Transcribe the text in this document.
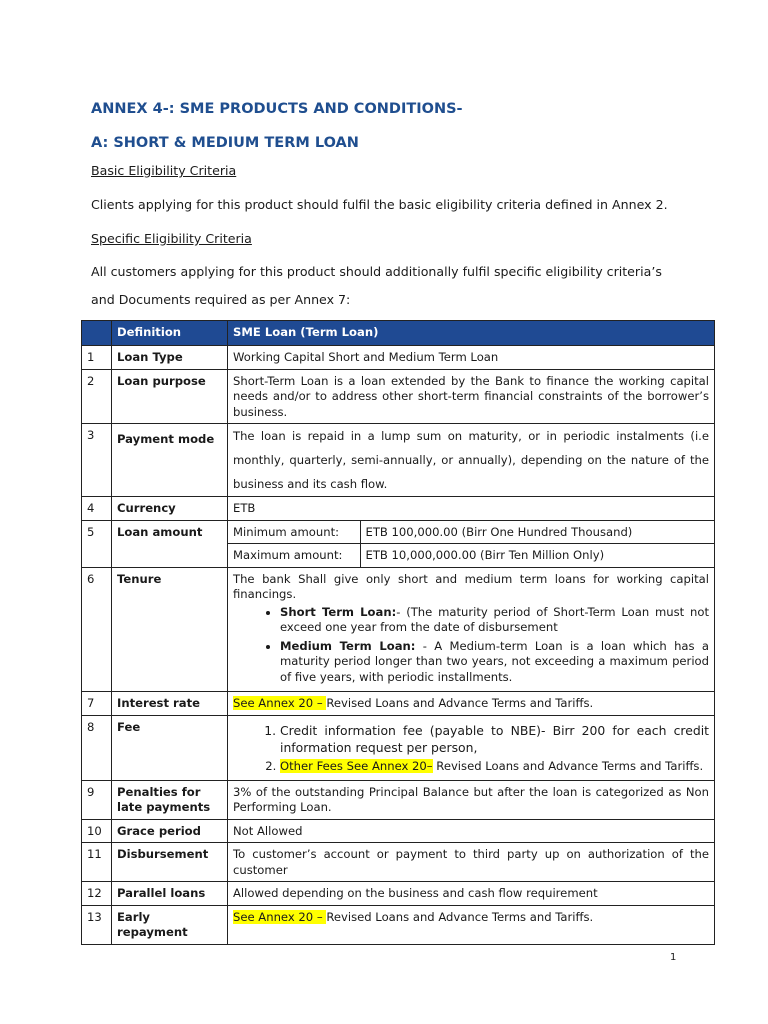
ANNEX 4-: SME PRODUCTS AND CONDITIONS-
A: SHORT & MEDIUM TERM LOAN
Basic Eligibility Criteria
Clients applying for this product should fulfil the basic eligibility criteria defined in Annex 2.
Specific Eligibility Criteria
All customers applying for this product should additionally fulfil specific eligibility criteria’s
and Documents required as per Annex 7:
	Definition	SME Loan (Term Loan)
1	Loan Type	Working Capital Short and Medium Term Loan
2	Loan purpose	Short-Term Loan is a loan extended by the Bank to finance the working capital needs and/or to address other short-term financial constraints of the borrower’s business.
3	Payment mode	The loan is repaid in a lump sum on maturity, or in periodic instalments (i.e monthly, quarterly, semi-annually, or annually), depending on the nature of the business and its cash flow.
4	Currency	ETB
5	Loan amount		Minimum amount:	ETB 100,000.00 (Birr One Hundred Thousand)
Maximum amount:	ETB 10,000,000.00 (Birr Ten Million Only)

6	Tenure	The bank Shall give only short and medium term loans for working capital financings.
• Short Term Loan:- (The maturity period of Short-Term Loan must not exceed one year from the date of disbursement
• Medium Term Loan: - A Medium-term Loan is a loan which has a maturity period longer than two years, not exceeding a maximum period of five years, with periodic installments.

7	Interest rate	See Annex 20 – Revised Loans and Advance Terms and Tariffs.
8	Fee	
1.Credit information fee (payable to NBE)- Birr 200 for each credit information request per person,
2. Other Fees See Annex 20– Revised Loans and Advance Terms and Tariffs.

9	Penalties for late payments	3% of the outstanding Principal Balance but after the loan is categorized as Non Performing Loan.
10	Grace period	Not Allowed
11	Disbursement	To customer’s account or payment to third party up on authorization of the customer
12	Parallel loans	Allowed depending on the business and cash flow requirement
13	Early repayment	See Annex 20 – Revised Loans and Advance Terms and Tariffs.
1
